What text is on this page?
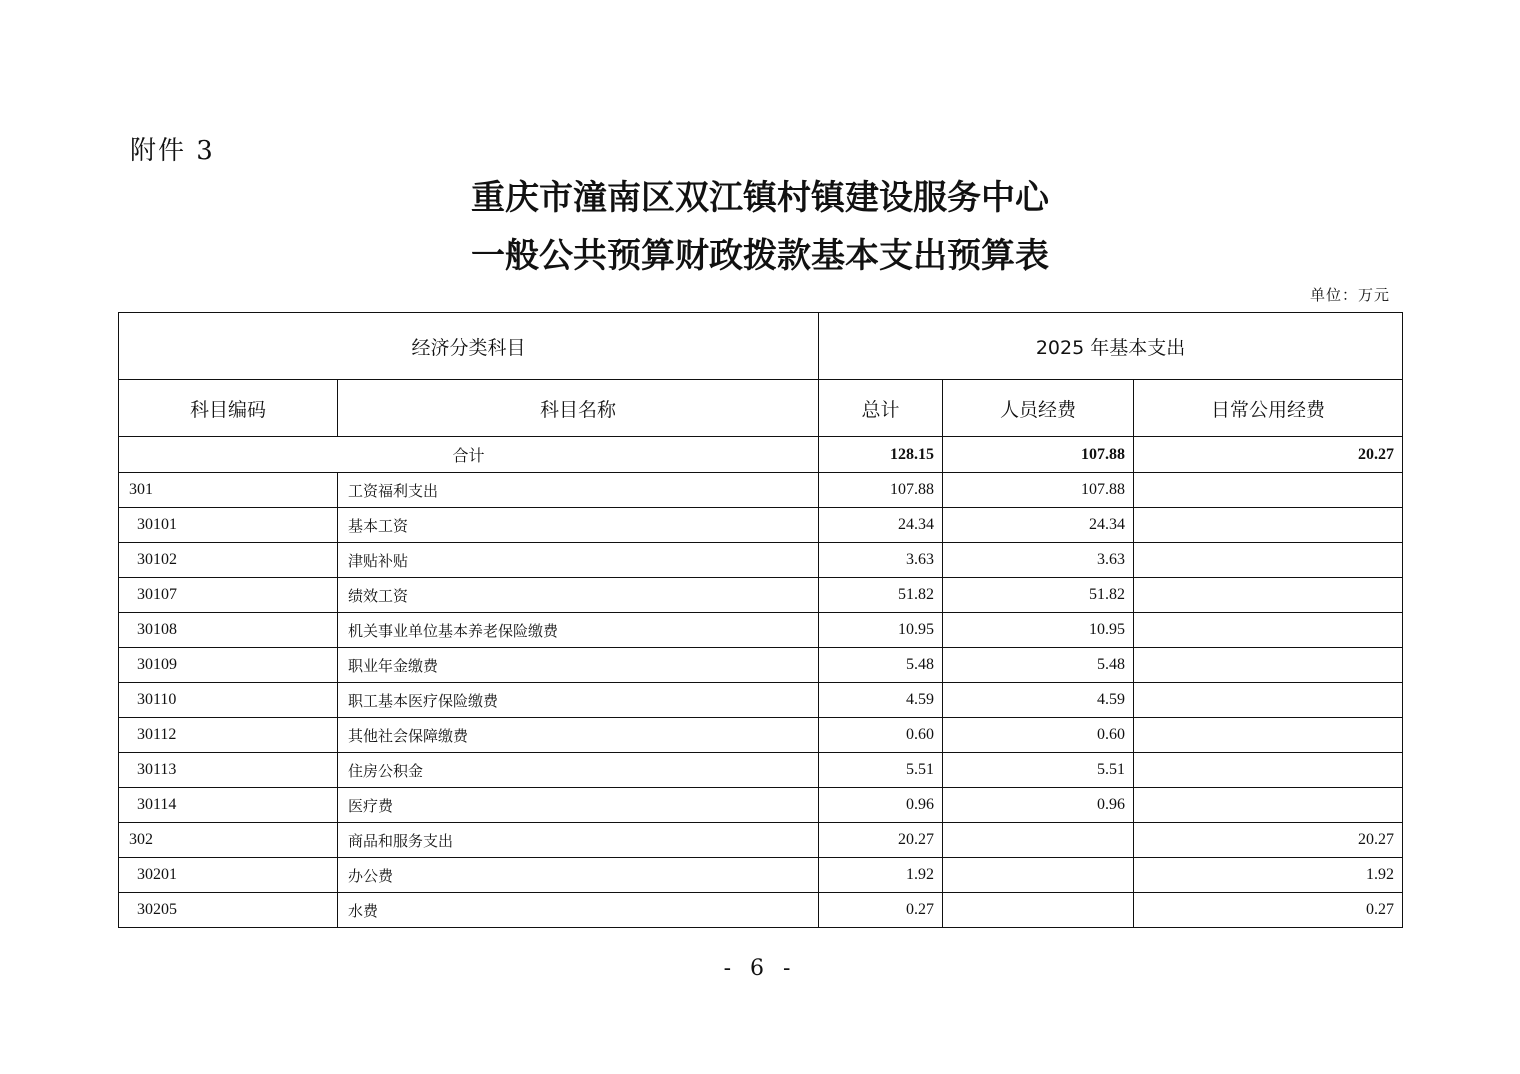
附件 3
重庆市潼南区双江镇村镇建设服务中心
一般公共预算财政拨款基本支出预算表
单位：万元
经济分类科目		2025 年基本支出		
科目编码	科目名称	总计	人员经费	日常公用经费
合计		128.15	107.88	20.27
301	工资福利支出	107.88	107.88	
30101	基本工资	24.34	24.34	
30102	津贴补贴	3.63	3.63	
30107	绩效工资	51.82	51.82	
30108	机关事业单位基本养老保险缴费	10.95	10.95	
30109	职业年金缴费	5.48	5.48	
30110	职工基本医疗保险缴费	4.59	4.59	
30112	其他社会保障缴费	0.60	0.60	
30113	住房公积金	5.51	5.51	
30114	医疗费	0.96	0.96	
302	商品和服务支出	20.27		20.27
30201	办公费	1.92		1.92
30205	水费	0.27		0.27
- 6 -
